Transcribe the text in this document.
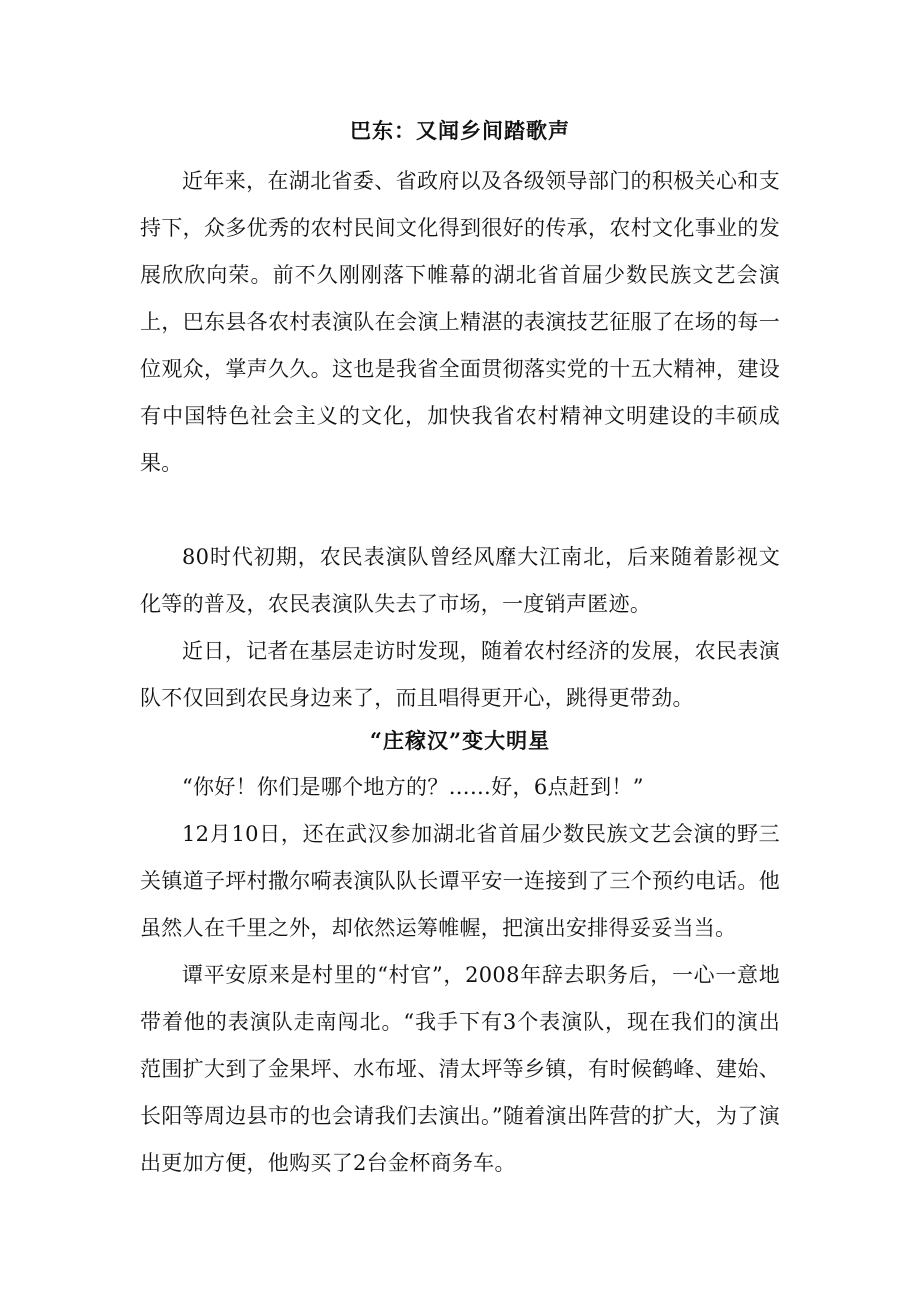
巴东：又闻乡间踏歌声

近年来，在湖北省委、省政府以及各级领导部门的积极关心和支持下，众多优秀的农村民间文化得到很好的传承，农村文化事业的发展欣欣向荣。前不久刚刚落下帷幕的湖北省首届少数民族文艺会演上，巴东县各农村表演队在会演上精湛的表演技艺征服了在场的每一位观众，掌声久久。这也是我省全面贯彻落实党的十五大精神，建设有中国特色社会主义的文化，加快我省农村精神文明建设的丰硕成果。

80时代初期，农民表演队曾经风靡大江南北，后来随着影视文化等的普及，农民表演队失去了市场，一度销声匿迹。

近日，记者在基层走访时发现，随着农村经济的发展，农民表演队不仅回到农民身边来了，而且唱得更开心，跳得更带劲。

“庄稼汉”变大明星

“你好！你们是哪个地方的？……好，6点赶到！”

12月10日，还在武汉参加湖北省首届少数民族文艺会演的野三关镇道子坪村撒尔嗬表演队队长谭平安一连接到了三个预约电话。他虽然人在千里之外，却依然运筹帷幄，把演出安排得妥妥当当。

谭平安原来是村里的“村官”，2008年辞去职务后，一心一意地带着他的表演队走南闯北。“我手下有3个表演队，现在我们的演出范围扩大到了金果坪、水布垭、清太坪等乡镇，有时候鹤峰、建始、长阳等周边县市的也会请我们去演出。”随着演出阵营的扩大，为了演出更加方便，他购买了2台金杯商务车。
